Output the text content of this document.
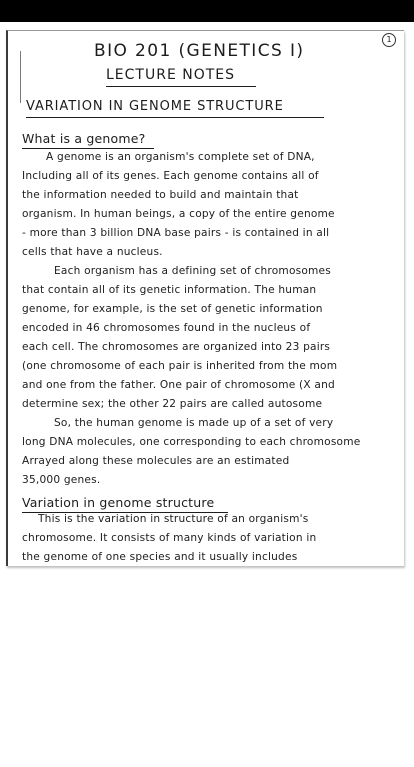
1
BIO 201 (GENETICS I)
LECTURE NOTES
VARIATION IN GENOME STRUCTURE
What is a genome?
A genome is an organism's complete set of DNA,
Including all of its genes. Each genome contains all of
the information needed to build and maintain that
organism. In human beings, a copy of the entire genome
- more than 3 billion DNA base pairs - is contained in all
cells that have a nucleus.
Each organism has a defining set of chromosomes
that contain all of its genetic information. The human
genome, for example, is the set of genetic information
encoded in 46 chromosomes found in the nucleus of
each cell. The chromosomes are organized into 23 pairs
(one chromosome of each pair is inherited from the mom
and one from the father. One pair of chromosome (X and
determine sex; the other 22 pairs are called autosome
So, the human genome is made up of a set of very
long DNA molecules, one corresponding to each chromosome
Arrayed along these molecules are an estimated
35,000 genes.
Variation in genome structure
This is the variation in structure of an organism's
chromosome. It consists of many kinds of variation in
the genome of one species and it usually includes
